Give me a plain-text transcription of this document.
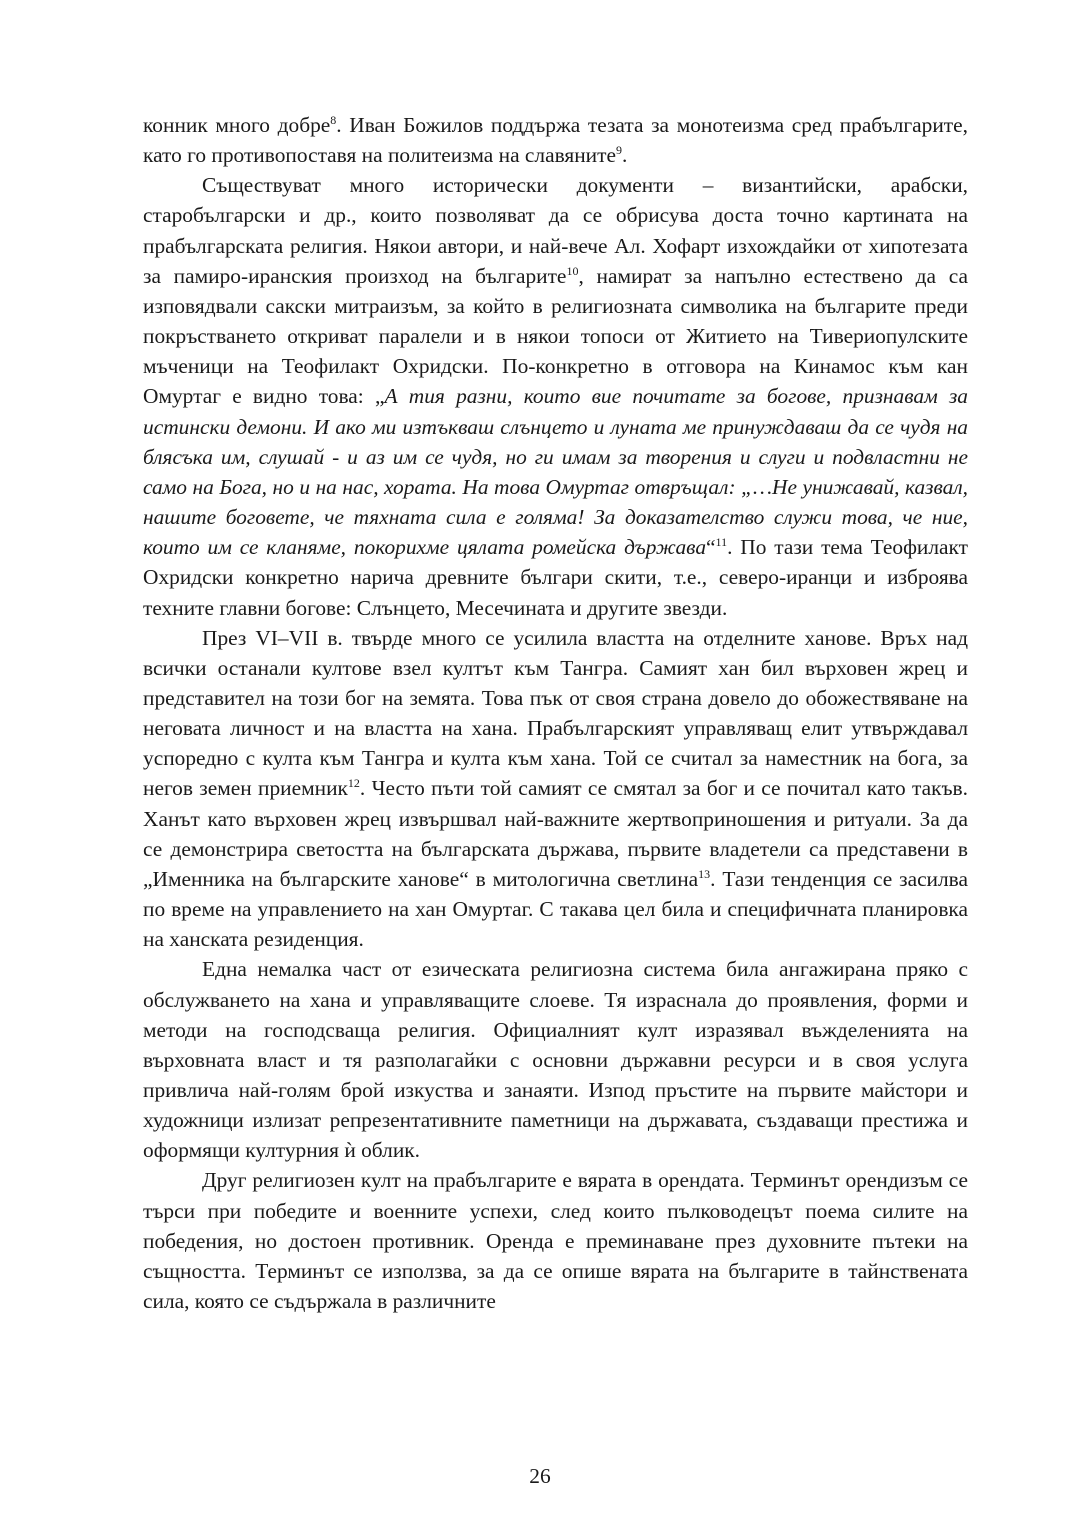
конник много добре$^8$. Иван Божилов поддържа тезата за монотеизма сред прабългарите, като го противопоставя на политеизма на славяните$^9$.

Съществуват много исторически документи – византийски, арабски, старобългарски и др., които позволяват да се обрисува доста точно картината на прабългарската религия. Някои автори, и най-вече Ал. Хофарт изхождайки от хипотезата за памиро-иранския произход на българите$^{10}$, намират за напълно естествено да са изповядвали сакски митраизъм, за който в религиозната символика на българите преди покръстването откриват паралели и в някои топоси от Житието на Тивериопулските мъченици на Теофилакт Охридски. По-конкретно в отговора на Кинамос към кан Омуртаг е видно това: „А тия разни, които вие почитате за богове, признавам за истински демони. И ако ми изтъкваш слънцето и луната ме принуждаваш да се чудя на блясъка им, слушай - и аз им се чудя, но ги имам за творения и слуги и подвластни не само на Бога, но и на нас, хората. На това Омуртаг отвръщал: „…Не унижавай, казвал, нашите боговете, че тяхната сила е голяма! За доказателство служи това, че ние, които им се кланяме, покорихме цялата ромейска държава“$^{11}$. По тази тема Теофилакт Охридски конкретно нарича древните българи скити, т.е., северо-иранци и изброява техните главни богове: Слънцето, Месечината и другите звезди.

През VI–VII в. твърде много се усилила властта на отделните ханове. Връх над всички останали култове взел култът към Тангра. Самият хан бил върховен жрец и представител на този бог на земята. Това пък от своя страна довело до обожествяване на неговата личност и на властта на хана. Прабългарският управляващ елит утвърждавал успоредно с култа към Тангра и култа към хана. Той се считал за наместник на бога, за негов земен приемник$^{12}$. Често пъти той самият се смятал за бог и се почитал като такъв. Ханът като върховен жрец извършвал най-важните жертвоприношения и ритуали. За да се демонстрира светостта на българската държава, първите владетели са представени в „Именника на българските ханове“ в митологична светлина$^{13}$. Тази тенденция се засилва по време на управлението на хан Омуртаг. С такава цел била и специфичната планировка на ханската резиденция.

Една немалка част от езическата религиозна система била ангажирана пряко с обслужването на хана и управляващите слоеве. Тя израснала до проявления, форми и методи на господсваща религия. Официалният култ изразявал въжделенията на върховната власт и тя разполагайки с основни държавни ресурси и в своя услуга привлича най-голям брой изкуства и занаяти. Изпод пръстите на първите майстори и художници излизат репрезентативните паметници на държавата, създаващи престижа и оформящи културния ѝ облик.

Друг религиозен култ на прабългарите е вярата в орендата. Терминът орендизъм се търси при победите и военните успехи, след които пълководецът поема силите на победения, но достоен противник. Оренда е преминаване през духовните пътеки на същността. Терминът се използва, за да се опише вярата на българите в тайнствената сила, която се съдържала в различните

26
